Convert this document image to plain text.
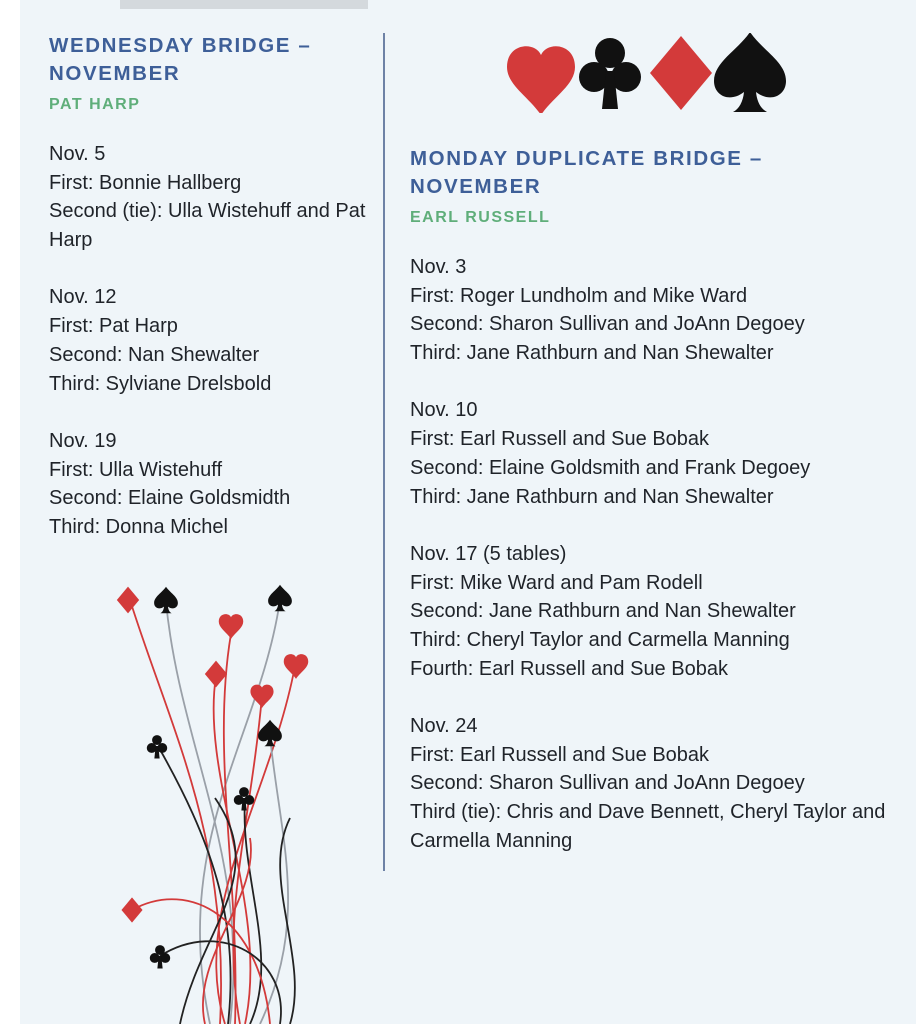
WEDNESDAY BRIDGE – NOVEMBER
PAT HARP
Nov. 5
First: Bonnie Hallberg
Second (tie): Ulla Wistehuff and Pat Harp
Nov. 12
First: Pat Harp
Second: Nan Shewalter
Third: Sylviane Drelsbold
Nov. 19
First: Ulla Wistehuff
Second: Elaine Goldsmidth
Third: Donna Michel
MONDAY DUPLICATE BRIDGE – NOVEMBER
EARL RUSSELL
Nov. 3
First: Roger Lundholm and Mike Ward
Second: Sharon Sullivan and JoAnn Degoey
Third: Jane Rathburn and Nan Shewalter
Nov. 10
First: Earl Russell and Sue Bobak
Second: Elaine Goldsmith and Frank Degoey
Third: Jane Rathburn and Nan Shewalter
Nov. 17 (5 tables)
First: Mike Ward and Pam Rodell
Second: Jane Rathburn and Nan Shewalter
Third: Cheryl Taylor and Carmella Manning
Fourth: Earl Russell and Sue Bobak
Nov. 24
First: Earl Russell and Sue Bobak
Second: Sharon Sullivan and JoAnn Degoey
Third (tie): Chris and Dave Bennett, Cheryl Taylor and Carmella Manning
